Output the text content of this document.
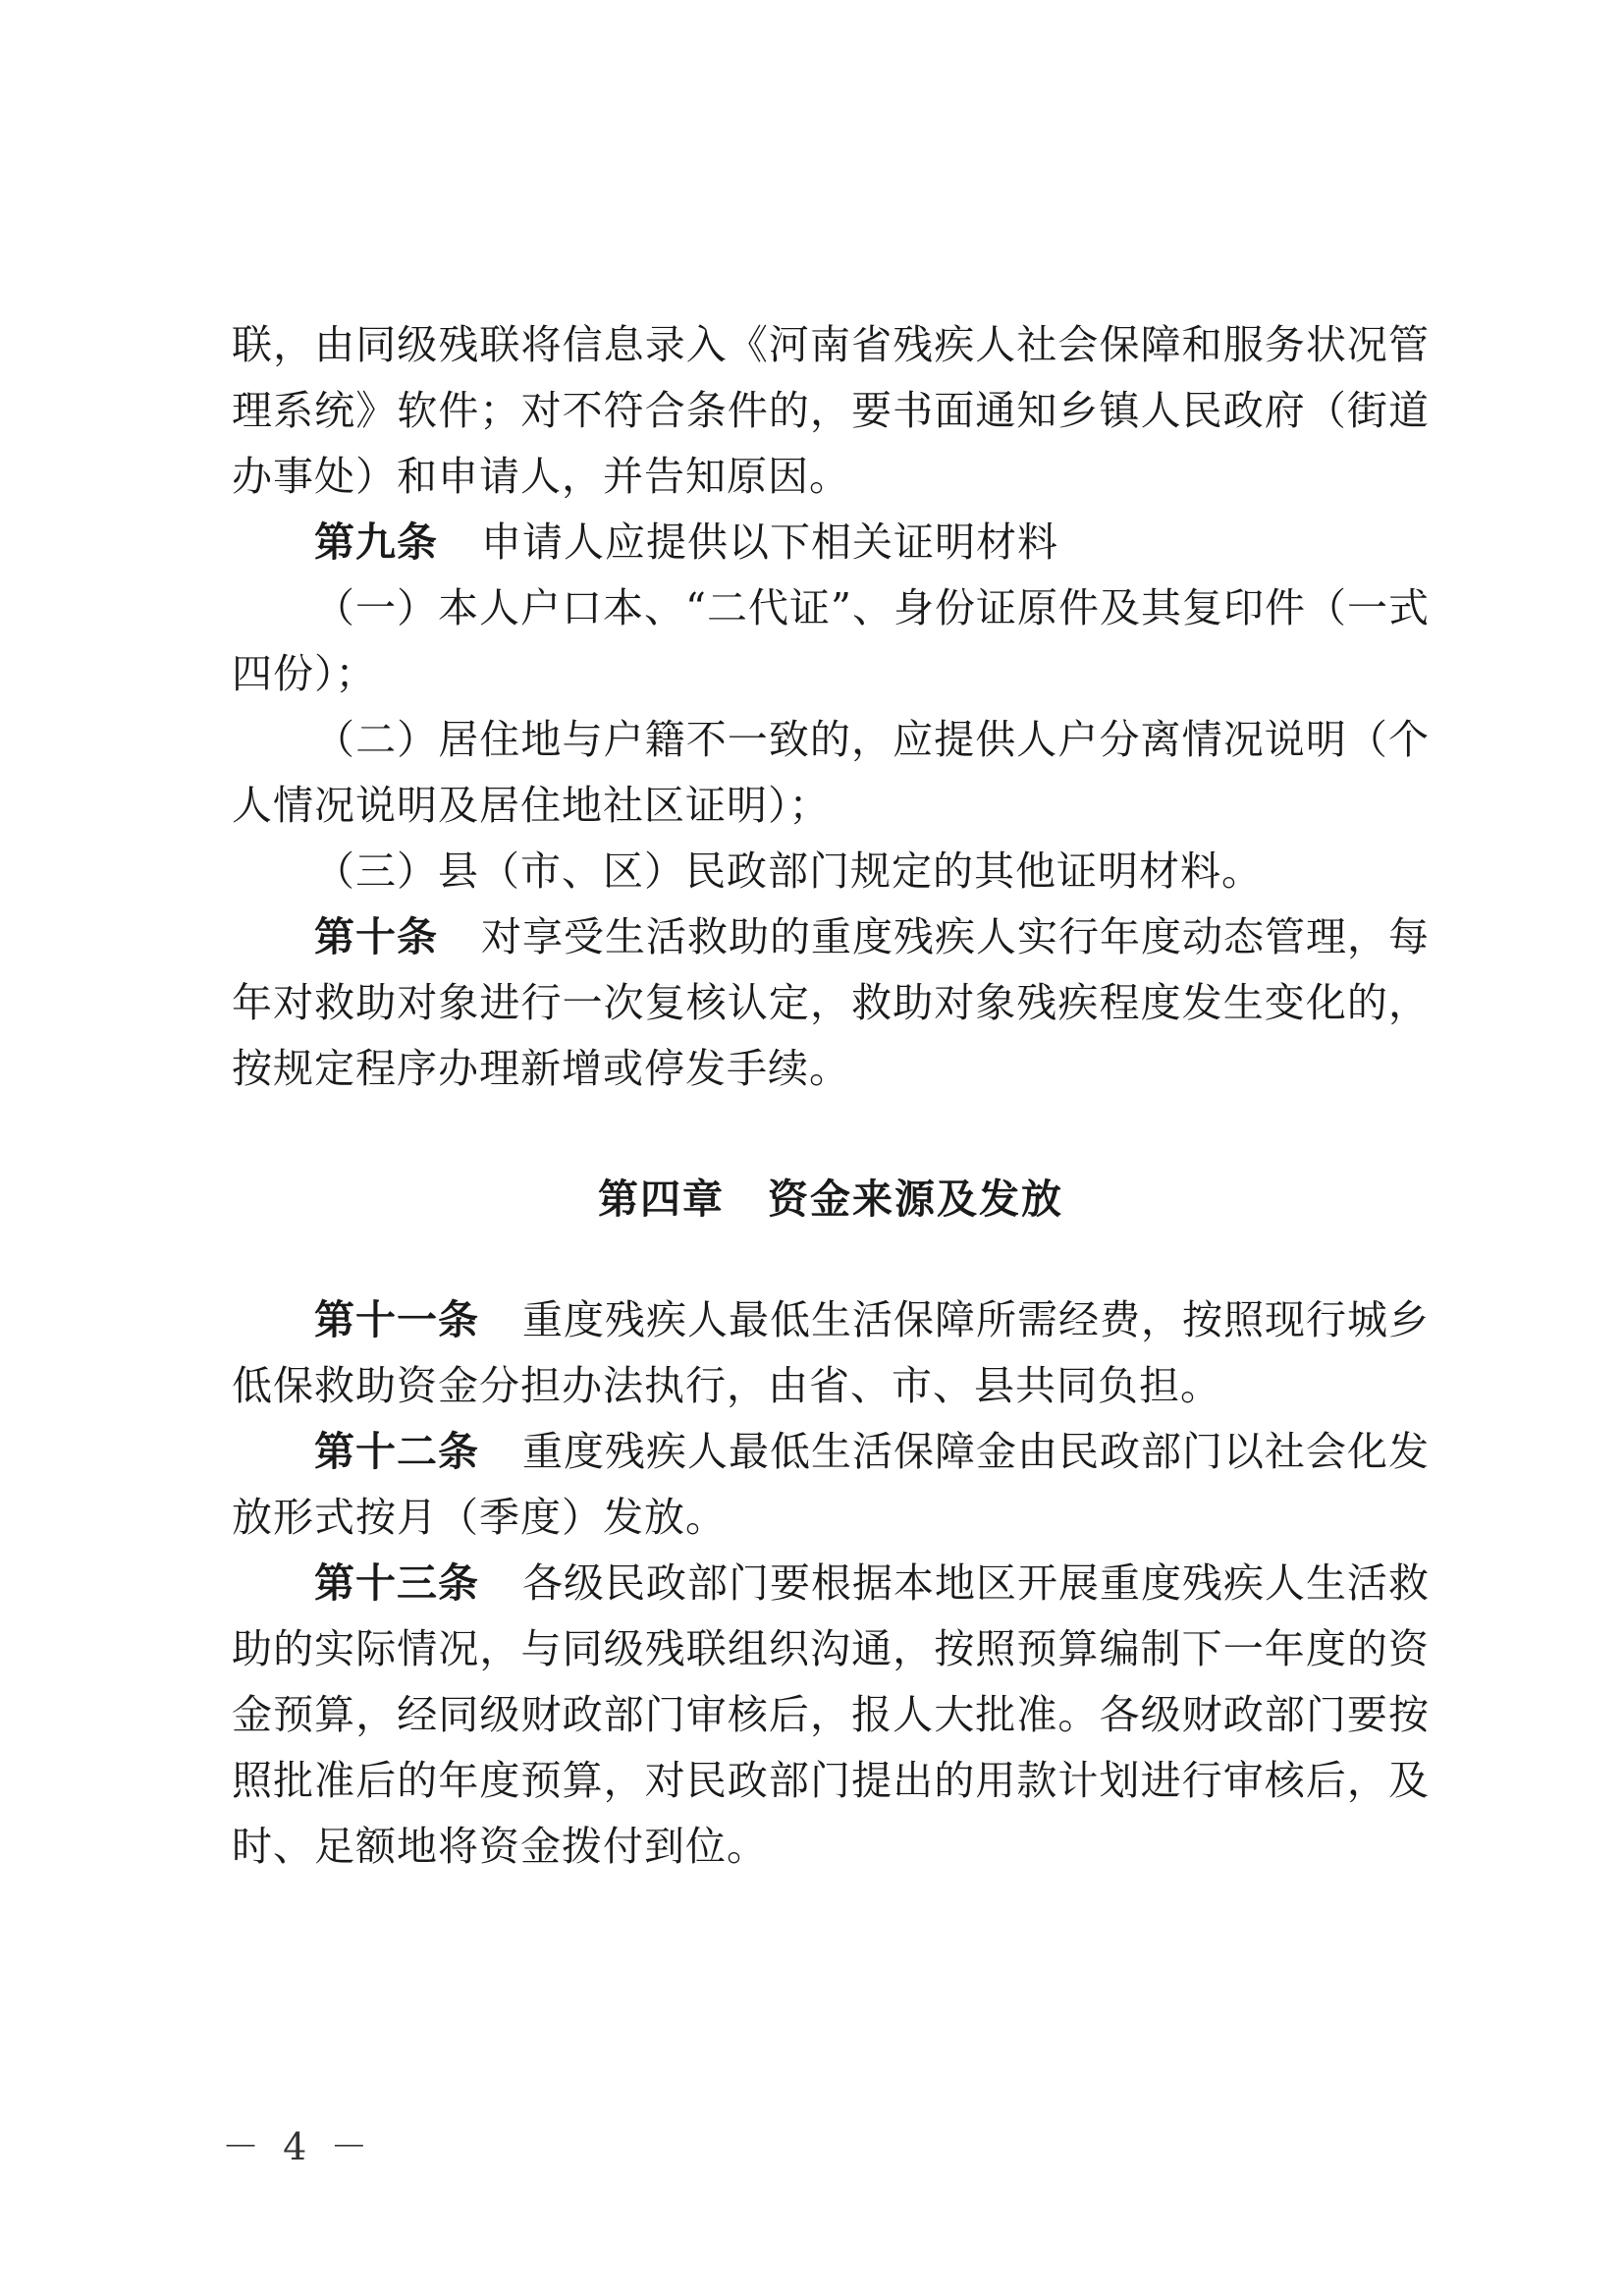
联，由同级残联将信息录入《河南省残疾人社会保障和服务状况管理系统》软件；对不符合条件的，要书面通知乡镇人民政府（街道办事处）和申请人，并告知原因。

第九条 申请人应提供以下相关证明材料

（一）本人户口本、“二代证”、身份证原件及其复印件（一式四份）；

（二）居住地与户籍不一致的，应提供人户分离情况说明（个人情况说明及居住地社区证明）；

（三）县（市、区）民政部门规定的其他证明材料。

第十条 对享受生活救助的重度残疾人实行年度动态管理，每年对救助对象进行一次复核认定，救助对象残疾程度发生变化的，按规定程序办理新增或停发手续。

第四章 资金来源及发放

第十一条 重度残疾人最低生活保障所需经费，按照现行城乡低保救助资金分担办法执行，由省、市、县共同负担。

第十二条 重度残疾人最低生活保障金由民政部门以社会化发放形式按月（季度）发放。

第十三条 各级民政部门要根据本地区开展重度残疾人生活救助的实际情况，与同级残联组织沟通，按照预算编制下一年度的资金预算，经同级财政部门审核后，报人大批准。各级财政部门要按照批准后的年度预算，对民政部门提出的用款计划进行审核后，及时、足额地将资金拨付到位。

－ 4 －
